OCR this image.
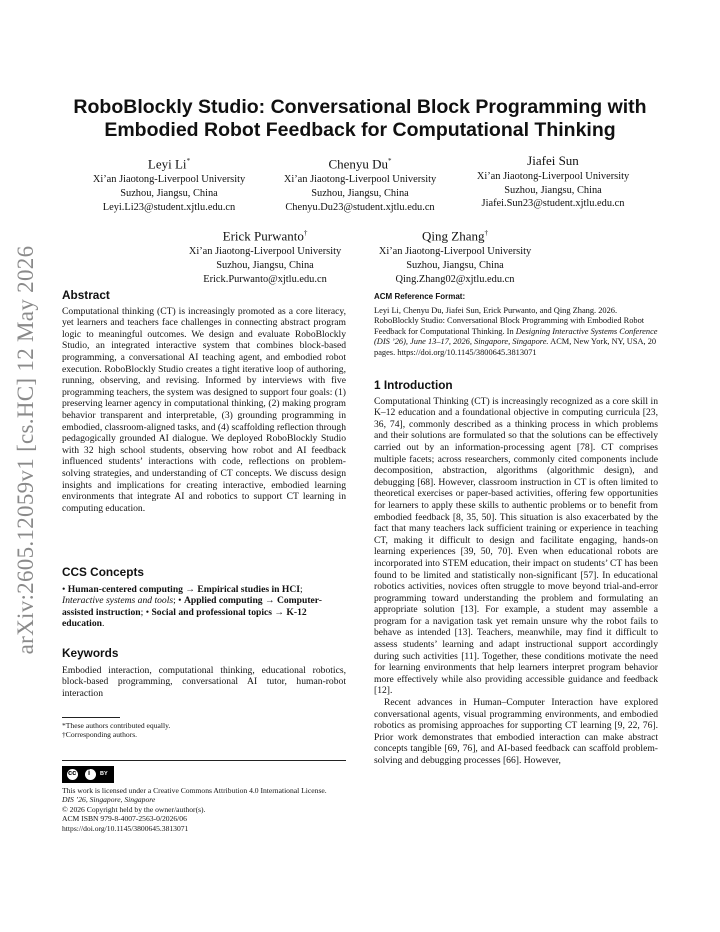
arXiv:2605.12059v1 [cs.HC] 12 May 2026
RoboBlockly Studio: Conversational Block Programming with
Embodied Robot Feedback for Computational Thinking
Leyi Li*
Xi’an Jiaotong-Liverpool University
Suzhou, Jiangsu, China
Leyi.Li23@student.xjtlu.edu.cn
Chenyu Du*
Xi’an Jiaotong-Liverpool University
Suzhou, Jiangsu, China
Chenyu.Du23@student.xjtlu.edu.cn
Jiafei Sun
Xi’an Jiaotong-Liverpool University
Suzhou, Jiangsu, China
Jiafei.Sun23@student.xjtlu.edu.cn
Erick Purwanto†
Xi’an Jiaotong-Liverpool University
Suzhou, Jiangsu, China
Erick.Purwanto@xjtlu.edu.cn
Qing Zhang†
Xi’an Jiaotong-Liverpool University
Suzhou, Jiangsu, China
Qing.Zhang02@xjtlu.edu.cn
Abstract

Computational thinking (CT) is increasingly promoted as a core literacy, yet learners and teachers face challenges in connecting abstract program logic to meaningful outcomes. We design and evaluate RoboBlockly Studio, an integrated interactive system that combines block-based programming, a conversational AI teaching agent, and embodied robot execution. RoboBlockly Studio creates a tight iterative loop of authoring, running, observing, and revising. Informed by interviews with five programming teachers, the system was designed to support four goals: (1) preserving learner agency in computational thinking, (2) making program behavior transparent and interpretable, (3) grounding programming in embodied, classroom-aligned tasks, and (4) scaffolding reflection through pedagogically grounded AI dialogue. We deployed RoboBlockly Studio with 32 high school students, observing how robot and AI feedback influenced students’ interactions with code, reflections on problem-solving strategies, and understanding of CT concepts. We discuss design insights and implications for creating interactive, embodied learning environments that integrate AI and robotics to support CT learning in computing education.

CCS Concepts

• Human-centered computing → Empirical studies in HCI; Interactive systems and tools; • Applied computing → Computer-assisted instruction; • Social and professional topics → K-12 education.

Keywords

Embodied interaction, computational thinking, educational robotics, block-based programming, conversational AI tutor, human-robot interaction

*These authors contributed equally.
†Corresponding authors.
cc i BY
This work is licensed under a Creative Commons Attribution 4.0 International License.
DIS ’26, Singapore, Singapore
© 2026 Copyright held by the owner/author(s).
ACM ISBN 979-8-4007-2563-0/2026/06
https://doi.org/10.1145/3800645.3813071
ACM Reference Format:

Leyi Li, Chenyu Du, Jiafei Sun, Erick Purwanto, and Qing Zhang. 2026. RoboBlockly Studio: Conversational Block Programming with Embodied Robot Feedback for Computational Thinking. In Designing Interactive Systems Conference (DIS ’26), June 13–17, 2026, Singapore, Singapore. ACM, New York, NY, USA, 20 pages. https://doi.org/10.1145/3800645.3813071

1 Introduction

Computational Thinking (CT) is increasingly recognized as a core skill in K–12 education and a foundational objective in computing curricula [23, 36, 74], commonly described as a thinking process in which problems and their solutions are formulated so that the solutions can be effectively carried out by an information-processing agent [78]. CT comprises multiple facets; across researchers, commonly cited components include decomposition, abstraction, algorithms (algorithmic design), and debugging [68]. However, classroom instruction in CT is often limited to theoretical exercises or paper-based activities, offering few opportunities for learners to apply these skills to authentic problems or to benefit from embodied feedback [8, 35, 50]. This situation is also exacerbated by the fact that many teachers lack sufficient training or experience in teaching CT, making it difficult to design and facilitate engaging, hands-on learning experiences [39, 50, 70]. Even when educational robots are incorporated into STEM education, their impact on students’ CT has been found to be limited and statistically non-significant [57]. In educational robotics activities, novices often struggle to move beyond trial-and-error programming toward understanding the problem and formulating an appropriate solution [13]. For example, a student may assemble a program for a navigation task yet remain unsure why the robot fails to behave as intended [13]. Teachers, meanwhile, may find it difficult to assess students’ learning and adapt instructional support accordingly during such activities [11]. Together, these conditions motivate the need for learning environments that help learners interpret program behavior more effectively while also providing accessible guidance and feedback [12].

Recent advances in Human–Computer Interaction have explored conversational agents, visual programming environments, and embodied robotics as promising approaches for supporting CT learning [9, 22, 76]. Prior work demonstrates that embodied interaction can make abstract concepts tangible [69, 76], and AI-based feedback can scaffold problem-solving and debugging processes [66]. However,
